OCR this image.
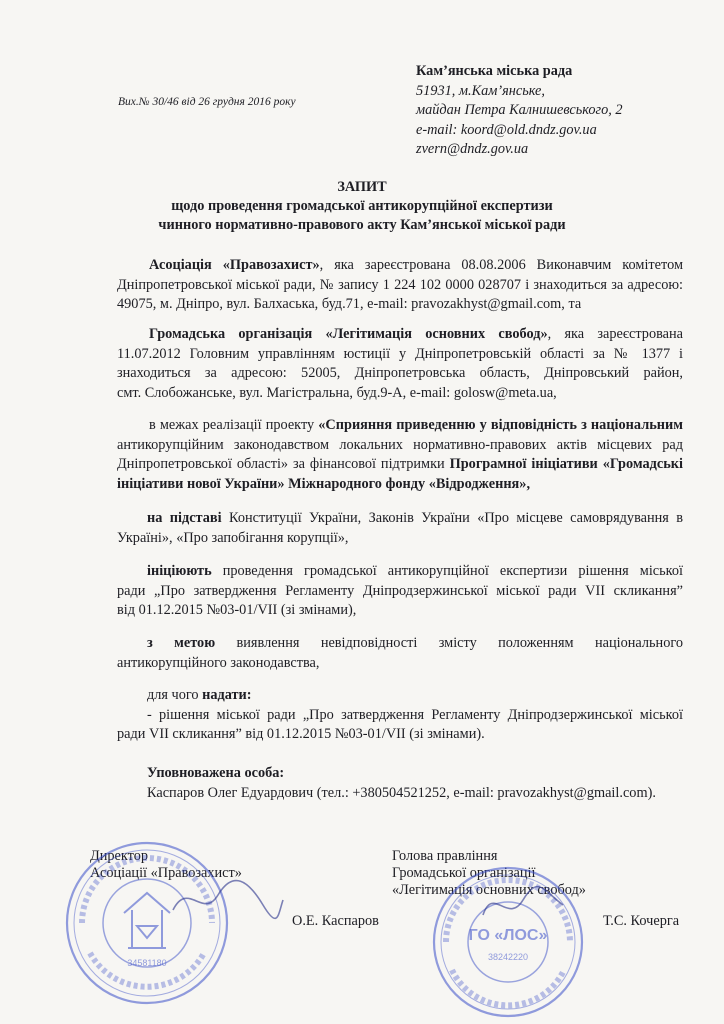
Вих.№ 30/46 від 26 грудня 2016 року
Кам’янська міська рада
51931, м.Кам’янське,
майдан Петра Калнишевського, 2
e-mail: koord@old.dndz.gov.ua
zvern@dndz.gov.ua
ЗАПИТ
щодо проведення громадської антикорупційної експертизи
чинного нормативно-правового акту Кам’янської міської ради
Асоціація «Правозахист», яка зареєстрована 08.08.2006 Виконавчим комітетом
Дніпропетровської міської ради, № запису 1 224 102 0000 028707 і знаходиться за адресою:
49075, м. Дніпро, вул. Балхаська, буд.71, e-mail: pravozakhyst@gmail.com, та
Громадська організація «Легітимація основних свобод», яка зареєстрована
11.07.2012 Головним управлінням юстиції у Дніпропетровській області за № 1377 і
знаходиться за адресою: 52005, Дніпропетровська область, Дніпровський район,
смт. Слобожанське, вул. Магістральна, буд.9-А, e-mail: golosw@meta.ua,
в межах реалізації проекту «Сприяння приведенню у відповідність з національним
антикорупційним законодавством локальних нормативно-правових актів місцевих рад
Дніпропетровської області» за фінансової підтримки Програмної ініціативи «Громадські
ініціативи нової України» Міжнародного фонду «Відродження»,
на підставі Конституції України, Законів України «Про місцеве самоврядування в
Україні», «Про запобігання корупції»,
ініціюють проведення громадської антикорупційної експертизи рішення міської
ради „Про затвердження Регламенту Дніпродзержинської міської ради VII скликання”
від 01.12.2015 №03-01/VII (зі змінами),
з метою виявлення невідповідності змісту положенням національного
антикорупційного законодавства,
для чого надати:
- рішення міської ради „Про затвердження Регламенту Дніпродзержинської міської
ради VII скликання” від 01.12.2015 №03-01/VII (зі змінами).
Уповноважена особа:
Каспаров Олег Едуардович (тел.: +380504521252, e-mail: pravozakhyst@gmail.com).
Директор
Асоціації «Правозахист»
О.Е. Каспаров
Голова правління
Громадської організації
«Легітимація основних свобод»
Т.С. Кочерга
34581180
ГО «ЛОС»
38242220
